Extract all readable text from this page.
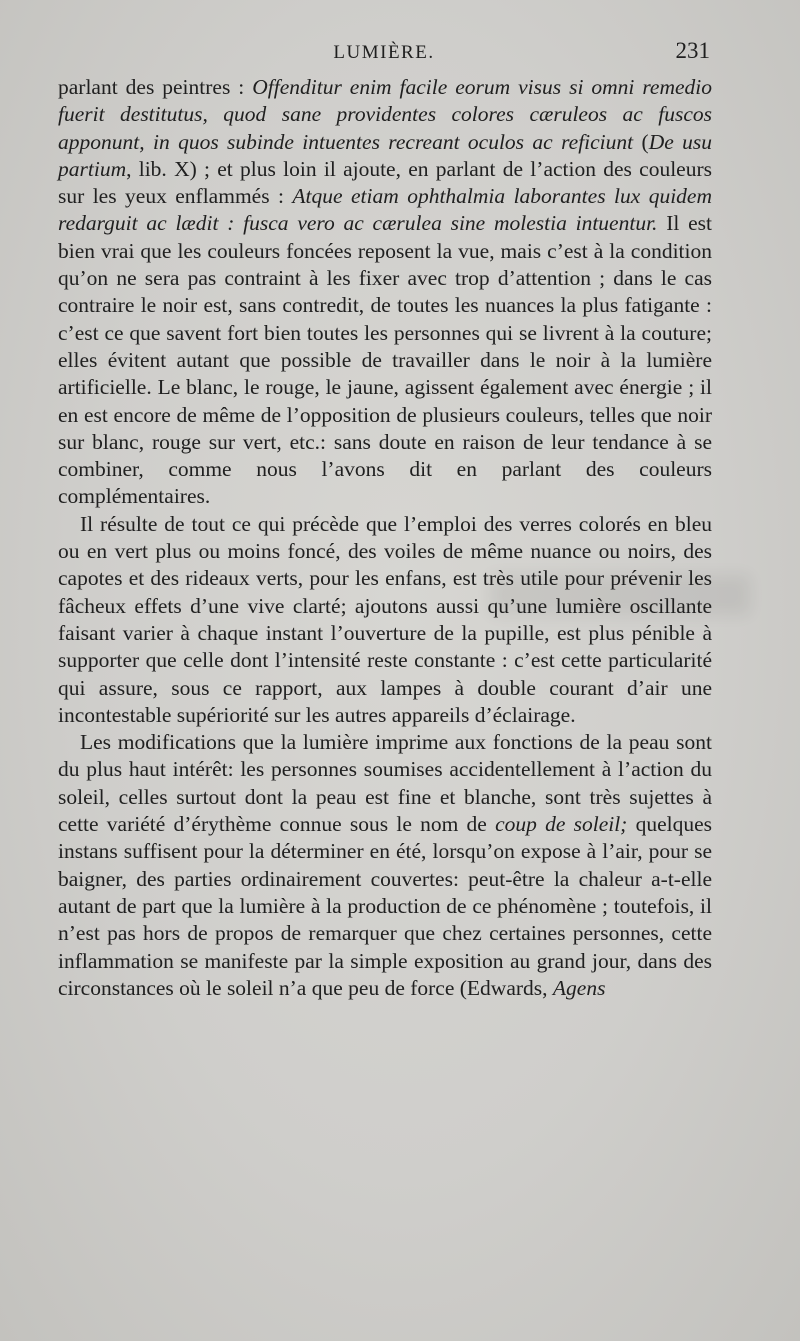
LUMIÈRE.	231

parlant des peintres : Offenditur enim facile eorum visus si omni remedio fuerit destitutus, quod sane providentes colores cæruleos ac fuscos apponunt, in quos subinde intuentes recreant oculos ac reficiunt (De usu partium, lib. X) ; et plus loin il ajoute, en parlant de l’action des couleurs sur les yeux enflammés : Atque etiam ophthalmia laborantes lux quidem redarguit ac lædit : fusca vero ac cærulea sine molestia intuentur. Il est bien vrai que les couleurs foncées reposent la vue, mais c’est à la condition qu’on ne sera pas contraint à les fixer avec trop d’attention ; dans le cas contraire le noir est, sans contredit, de toutes les nuances la plus fatigante : c’est ce que savent fort bien toutes les personnes qui se livrent à la couture; elles évitent autant que possible de travailler dans le noir à la lumière artificielle. Le blanc, le rouge, le jaune, agissent également avec énergie ; il en est encore de même de l’opposition de plusieurs couleurs, telles que noir sur blanc, rouge sur vert, etc.: sans doute en raison de leur tendance à se combiner, comme nous l’avons dit en parlant des couleurs complémentaires.

Il résulte de tout ce qui précède que l’emploi des verres colorés en bleu ou en vert plus ou moins foncé, des voiles de même nuance ou noirs, des capotes et des rideaux verts, pour les enfans, est très utile pour prévenir les fâcheux effets d’une vive clarté; ajoutons aussi qu’une lumière oscillante faisant varier à chaque instant l’ouverture de la pupille, est plus pénible à supporter que celle dont l’intensité reste constante : c’est cette particularité qui assure, sous ce rapport, aux lampes à double courant d’air une incontestable supériorité sur les autres appareils d’éclairage.

Les modifications que la lumière imprime aux fonctions de la peau sont du plus haut intérêt: les personnes soumises accidentellement à l’action du soleil, celles surtout dont la peau est fine et blanche, sont très sujettes à cette variété d’érythème connue sous le nom de coup de soleil; quelques instans suffisent pour la déterminer en été, lorsqu’on expose à l’air, pour se baigner, des parties ordinairement couvertes: peut-être la chaleur a-t-elle autant de part que la lumière à la production de ce phénomène ; toutefois, il n’est pas hors de propos de remarquer que chez certaines personnes, cette inflammation se manifeste par la simple exposition au grand jour, dans des circonstances où le soleil n’a que peu de force (Edwards, Agens
